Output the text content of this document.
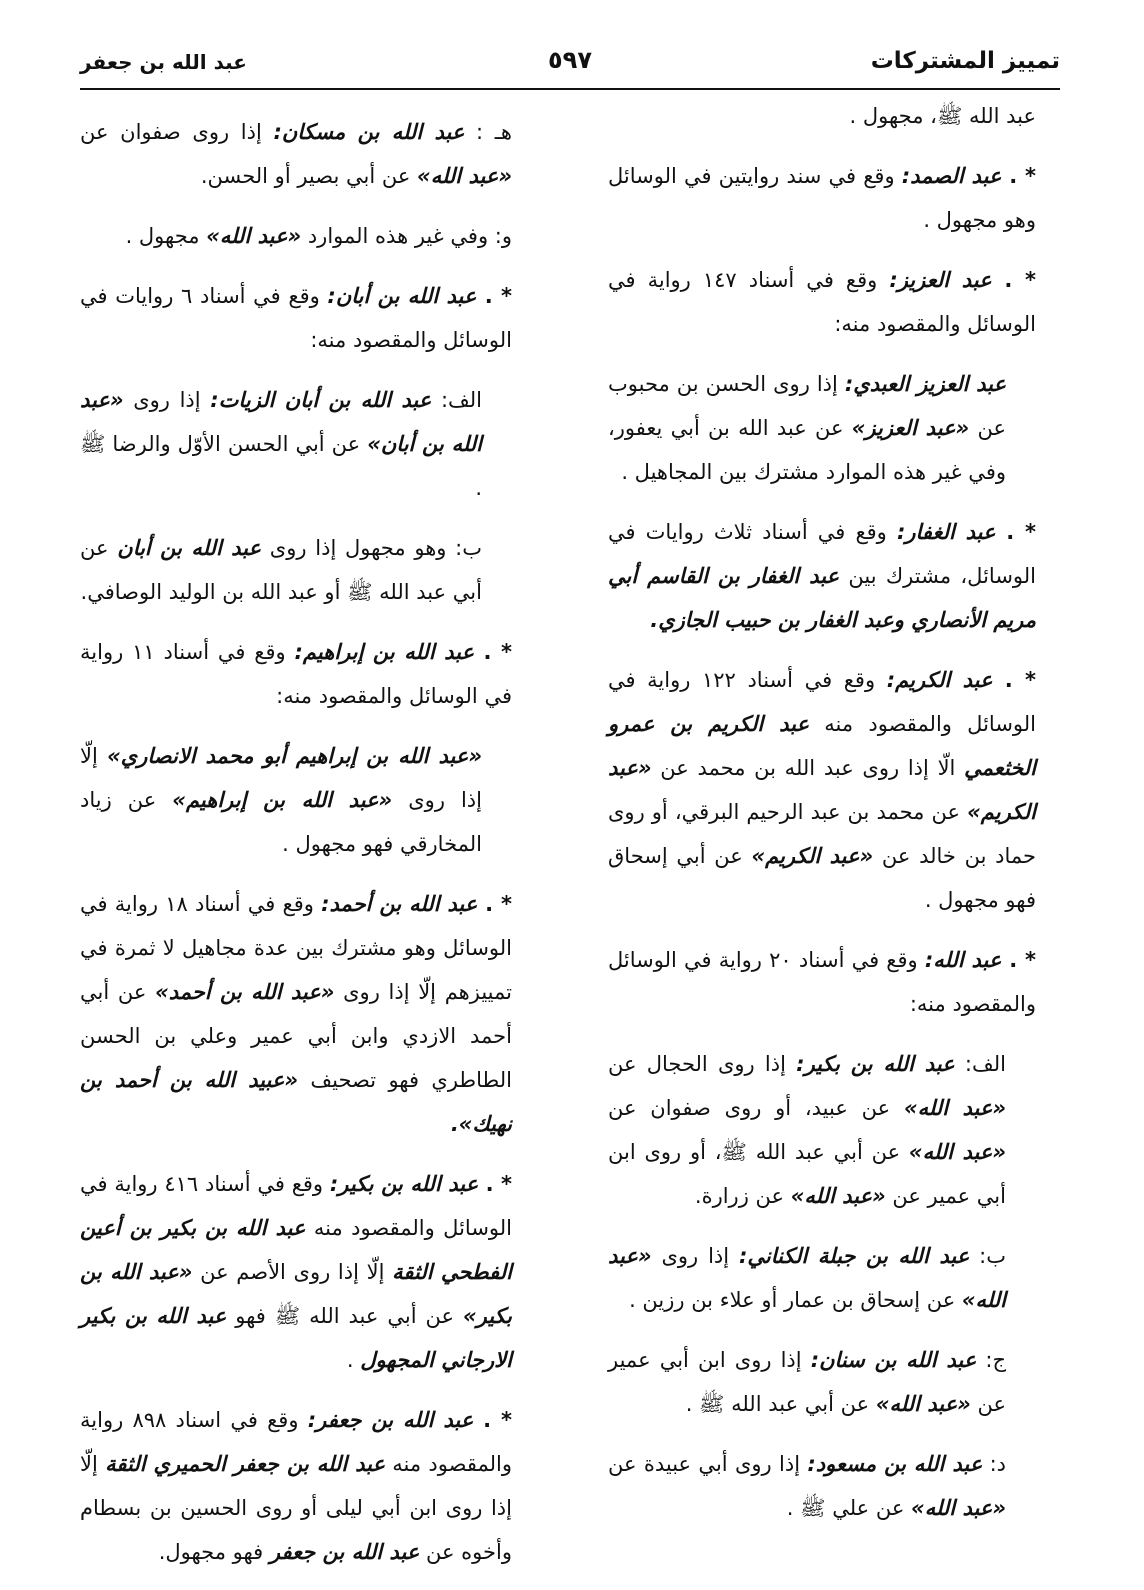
تمييز المشتركات
٥٩٧
عبد الله بن جعفر

عبد الله ﷺ، مجهول .

* . عبد الصمد: وقع في سند روايتين في الوسائل وهو مجهول .

* . عبد العزيز: وقع في أسناد ١٤٧ رواية في الوسائل والمقصود منه:

عبد العزيز العبدي: إذا روى الحسن بن محبوب عن «عبد العزيز» عن عبد الله بن أبي يعفور، وفي غير هذه الموارد مشترك بين المجاهيل .

* . عبد الغفار: وقع في أسناد ثلاث روايات في الوسائل، مشترك بين عبد الغفار بن القاسم أبي مريم الأنصاري وعبد الغفار بن حبيب الجازي.

* . عبد الكريم: وقع في أسناد ١٢٢ رواية في الوسائل والمقصود منه عبد الكريم بن عمرو الخثعمي الّا إذا روى عبد الله بن محمد عن «عبد الكريم» عن محمد بن عبد الرحيم البرقي، أو روى حماد بن خالد عن «عبد الكريم» عن أبي إسحاق فهو مجهول .

* . عبد الله: وقع في أسناد ٢٠ رواية في الوسائل والمقصود منه:

الف: عبد الله بن بكير: إذا روى الحجال عن «عبد الله» عن عبيد، أو روى صفوان عن «عبد الله» عن أبي عبد الله ﷺ، أو روى ابن أبي عمير عن «عبد الله» عن زرارة.

ب: عبد الله بن جبلة الكناني: إذا روى «عبد الله» عن إسحاق بن عمار أو علاء بن رزين .

ج: عبد الله بن سنان: إذا روى ابن أبي عمير عن «عبد الله» عن أبي عبد الله ﷺ .

د: عبد الله بن مسعود: إذا روى أبي عبيدة عن «عبد الله» عن علي ﷺ .

هـ : عبد الله بن مسكان: إذا روى صفوان عن «عبد الله» عن أبي بصير أو الحسن.

و: وفي غير هذه الموارد «عبد الله» مجهول .

* . عبد الله بن أبان: وقع في أسناد ٦ روايات في الوسائل والمقصود منه:

الف: عبد الله بن أبان الزيات: إذا روى «عبد الله بن أبان» عن أبي الحسن الأوّل والرضا ﷺ .

ب: وهو مجهول إذا روى عبد الله بن أبان عن أبي عبد الله ﷺ أو عبد الله بن الوليد الوصافي.

* . عبد الله بن إبراهيم: وقع في أسناد ١١ رواية في الوسائل والمقصود منه:

«عبد الله بن إبراهيم أبو محمد الانصاري» إلّا إذا روى «عبد الله بن إبراهيم» عن زياد المخارقي فهو مجهول .

* . عبد الله بن أحمد: وقع في أسناد ١٨ رواية في الوسائل وهو مشترك بين عدة مجاهيل لا ثمرة في تمييزهم إلّا إذا روى «عبد الله بن أحمد» عن أبي أحمد الازدي وابن أبي عمير وعلي بن الحسن الطاطري فهو تصحيف «عبيد الله بن أحمد بن نهيك».

* . عبد الله بن بكير: وقع في أسناد ٤١٦ رواية في الوسائل والمقصود منه عبد الله بن بكير بن أعين الفطحي الثقة إلّا إذا روى الأصم عن «عبد الله بن بكير» عن أبي عبد الله ﷺ فهو عبد الله بن بكير الارجاني المجهول .

* . عبد الله بن جعفر: وقع في اسناد ٨٩٨ رواية والمقصود منه عبد الله بن جعفر الحميري الثقة إلّا إذا روى ابن أبي ليلى أو روى الحسين بن بسطام وأخوه عن عبد الله بن جعفر فهو مجهول.
